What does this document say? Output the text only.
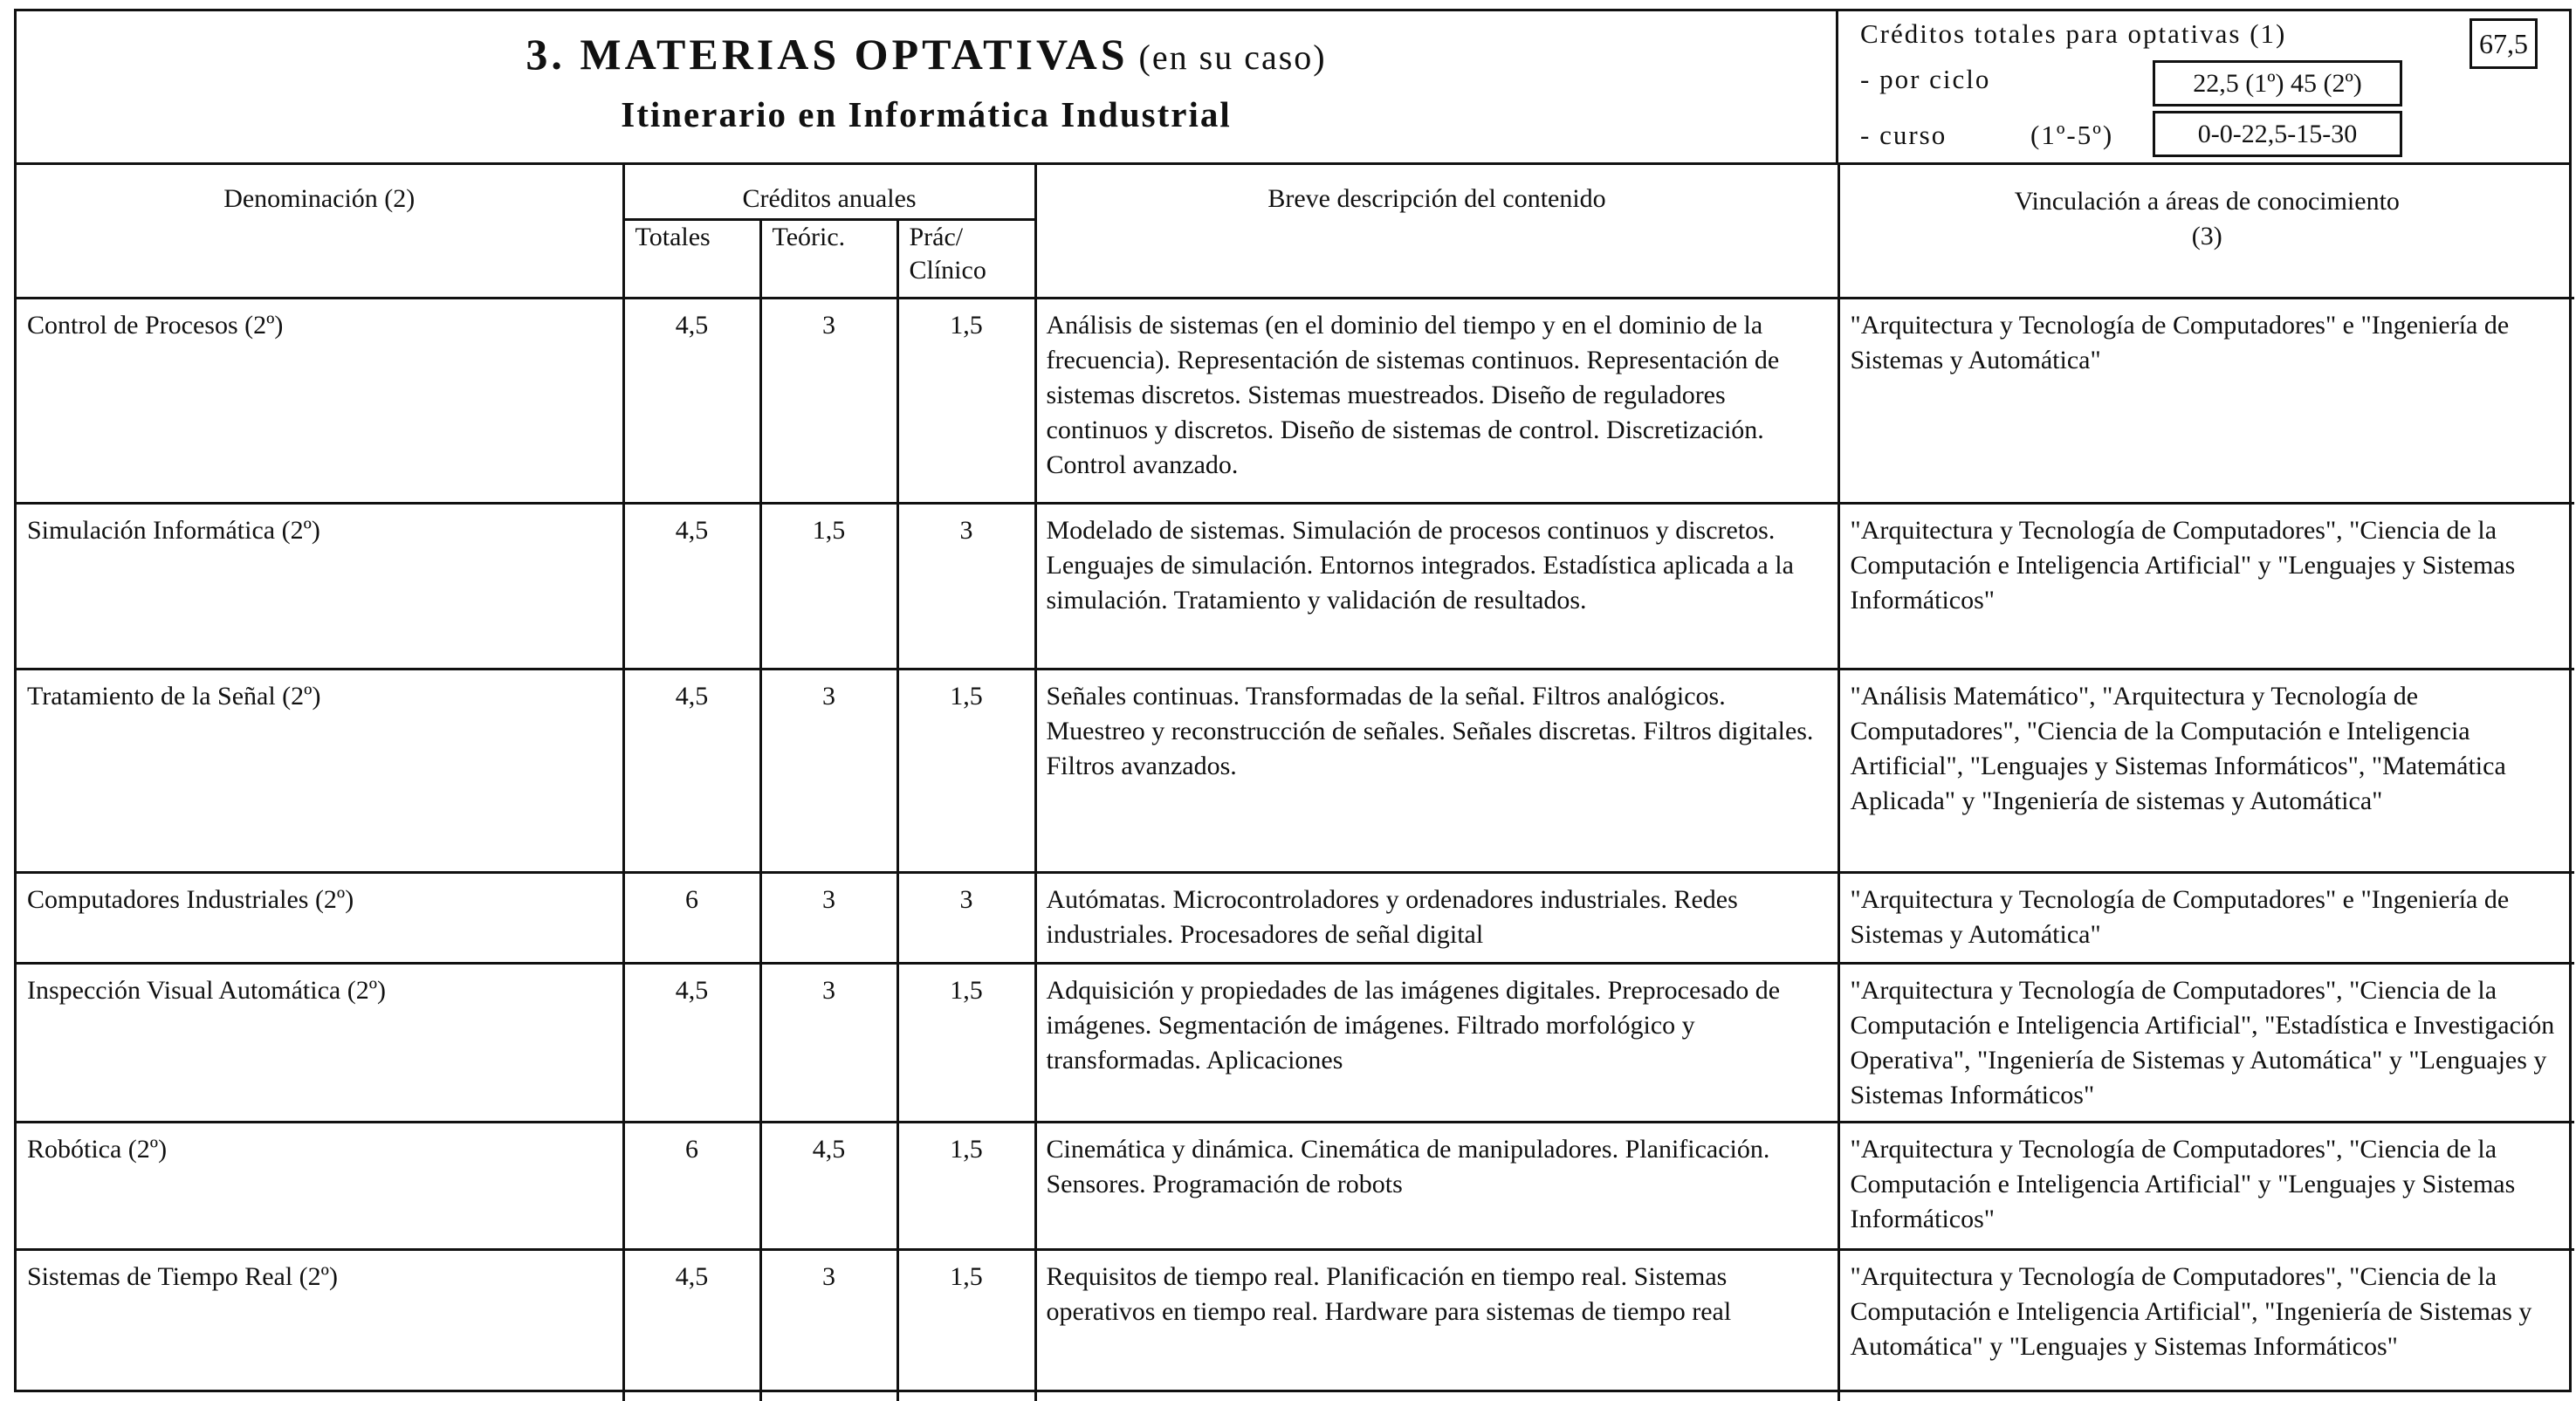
3. MATERIAS OPTATIVAS (en su caso)
Itinerario en Informática Industrial
Créditos totales para optativas (1)	67,5
- por ciclo	22,5 (1º) 45 (2º)
- curso	(1º-5º)	0-0-22,5-15-30
Denominación (2)	Créditos anuales			Breve descripción del contenido	Vinculación a áreas de conocimiento
(3)

	Totales	Teóric.	Prác/
Clínico		

Control de Procesos (2º)	4,5	3	1,5	Análisis de sistemas (en el dominio del tiempo y en el dominio de la frecuencia). Representación de sistemas continuos. Representación de sistemas discretos. Sistemas muestreados. Diseño de reguladores continuos y discretos. Diseño de sistemas de control. Discretización. Control avanzado.	"Arquitectura y Tecnología de Computadores" e "Ingeniería de Sistemas y Automática"
Simulación Informática (2º)	4,5	1,5	3	Modelado de sistemas. Simulación de procesos continuos y discretos. Lenguajes de simulación. Entornos integrados. Estadística aplicada a la simulación. Tratamiento y validación de resultados.	"Arquitectura y Tecnología de Computadores", "Ciencia de la Computación e Inteligencia Artificial" y "Lenguajes y Sistemas Informáticos"
Tratamiento de la Señal (2º)	4,5	3	1,5	Señales continuas. Transformadas de la señal. Filtros analógicos. Muestreo y reconstrucción de señales. Señales discretas. Filtros digitales. Filtros avanzados.	"Análisis Matemático", "Arquitectura y Tecnología de Computadores", "Ciencia de la Computación e Inteligencia Artificial", "Lenguajes y Sistemas Informáticos", "Matemática Aplicada" y "Ingeniería de sistemas y Automática"
Computadores Industriales (2º)	6	3	3	Autómatas. Microcontroladores y ordenadores industriales. Redes industriales. Procesadores de señal digital	"Arquitectura y Tecnología de Computadores" e "Ingeniería de Sistemas y Automática"
Inspección Visual Automática (2º)	4,5	3	1,5	Adquisición y propiedades de las imágenes digitales. Preprocesado de imágenes. Segmentación de imágenes. Filtrado morfológico y transformadas. Aplicaciones	"Arquitectura y Tecnología de Computadores", "Ciencia de la Computación e Inteligencia Artificial", "Estadística e Investigación Operativa", "Ingeniería de Sistemas y Automática" y "Lenguajes y Sistemas Informáticos"
Robótica (2º)	6	4,5	1,5	Cinemática y dinámica. Cinemática de manipuladores. Planificación. Sensores. Programación de robots	"Arquitectura y Tecnología de Computadores", "Ciencia de la Computación e Inteligencia Artificial" y "Lenguajes y Sistemas Informáticos"
Sistemas de Tiempo Real (2º)	4,5	3	1,5	Requisitos de tiempo real. Planificación en tiempo real. Sistemas operativos en tiempo real. Hardware para sistemas de tiempo real	"Arquitectura y Tecnología de Computadores", "Ciencia de la Computación e Inteligencia Artificial", "Ingeniería de Sistemas y Automática" y "Lenguajes y Sistemas Informáticos"
